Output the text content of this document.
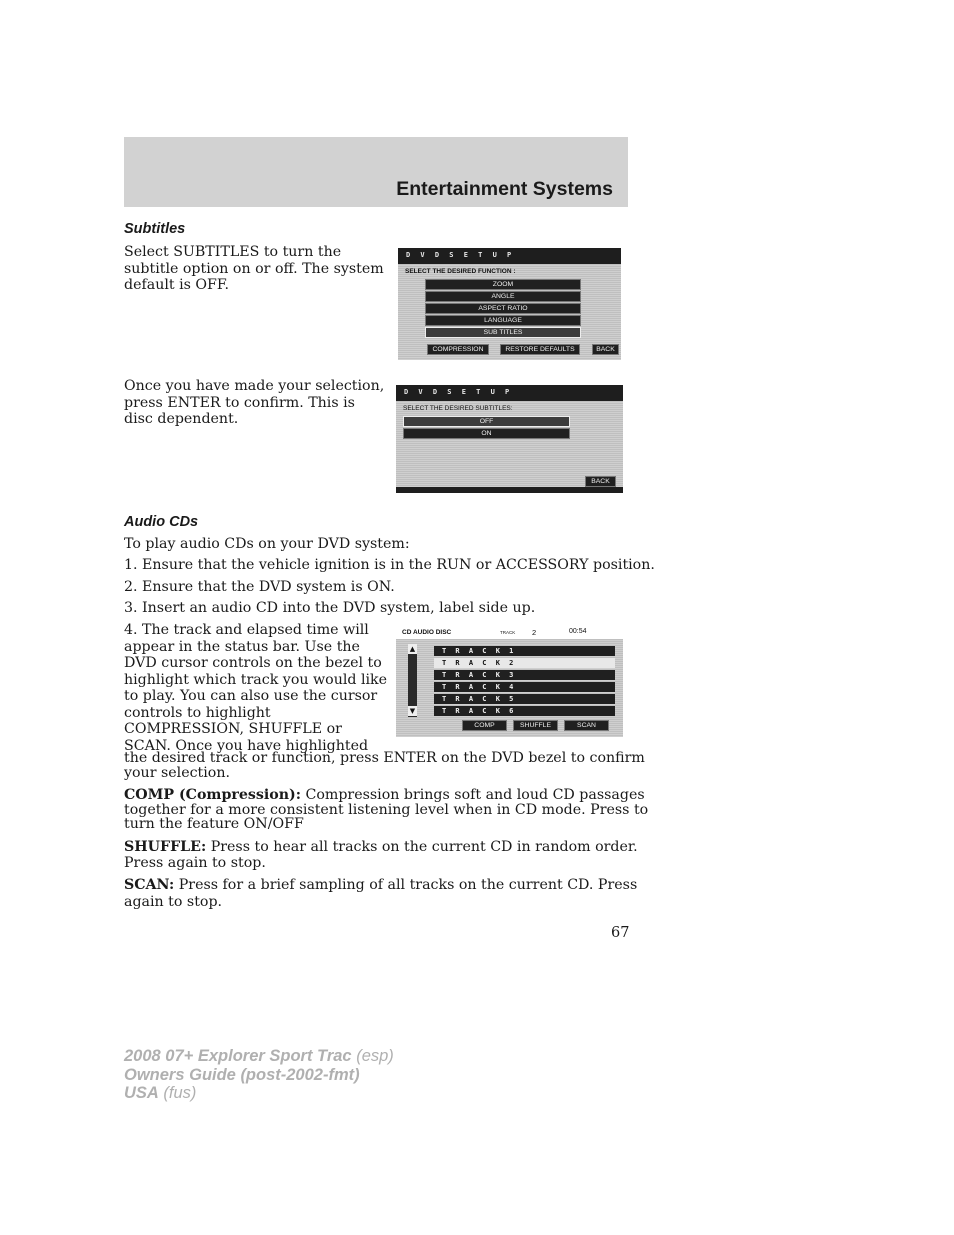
Entertainment Systems
Subtitles
Select SUBTITLES to turn the
subtitle option on or off. The system
default is OFF.
D V D S E T U P
SELECT THE DESIRED FUNCTION :
ZOOM
ANGLE
ASPECT RATIO
LANGUAGE
SUB TITLES
COMPRESSION	RESTORE DEFAULTS	BACK
Once you have made your selection,
press ENTER to confirm. This is
disc dependent.
D V D S E T U P
SELECT THE DESIRED SUBTITLES:
OFF
ON
BACK
Audio CDs
To play audio CDs on your DVD system:
1. Ensure that the vehicle ignition is in the RUN or ACCESSORY position.
2. Ensure that the DVD system is ON.
3. Insert an audio CD into the DVD system, label side up.
4. The track and elapsed time will
appear in the status bar. Use the
DVD cursor controls on the bezel to
highlight which track you would like
to play. You can also use the cursor
controls to highlight
COMPRESSION, SHUFFLE or
SCAN. Once you have highlighted
the desired track or function, press ENTER on the DVD bezel to confirm
your selection.
CD AUDIO DISC	TRACK 2	00:54
▲
▼
T R A C K 1
T R A C K 2
T R A C K 3
T R A C K 4
T R A C K 5
T R A C K 6
COMP	SHUFFLE	SCAN
COMP (Compression): Compression brings soft and loud CD passages
together for a more consistent listening level when in CD mode. Press to
turn the feature ON/OFF
SHUFFLE: Press to hear all tracks on the current CD in random order.
Press again to stop.
SCAN: Press for a brief sampling of all tracks on the current CD. Press
again to stop.
67
2008 07+ Explorer Sport Trac (esp)
Owners Guide (post-2002-fmt)
USA (fus)
